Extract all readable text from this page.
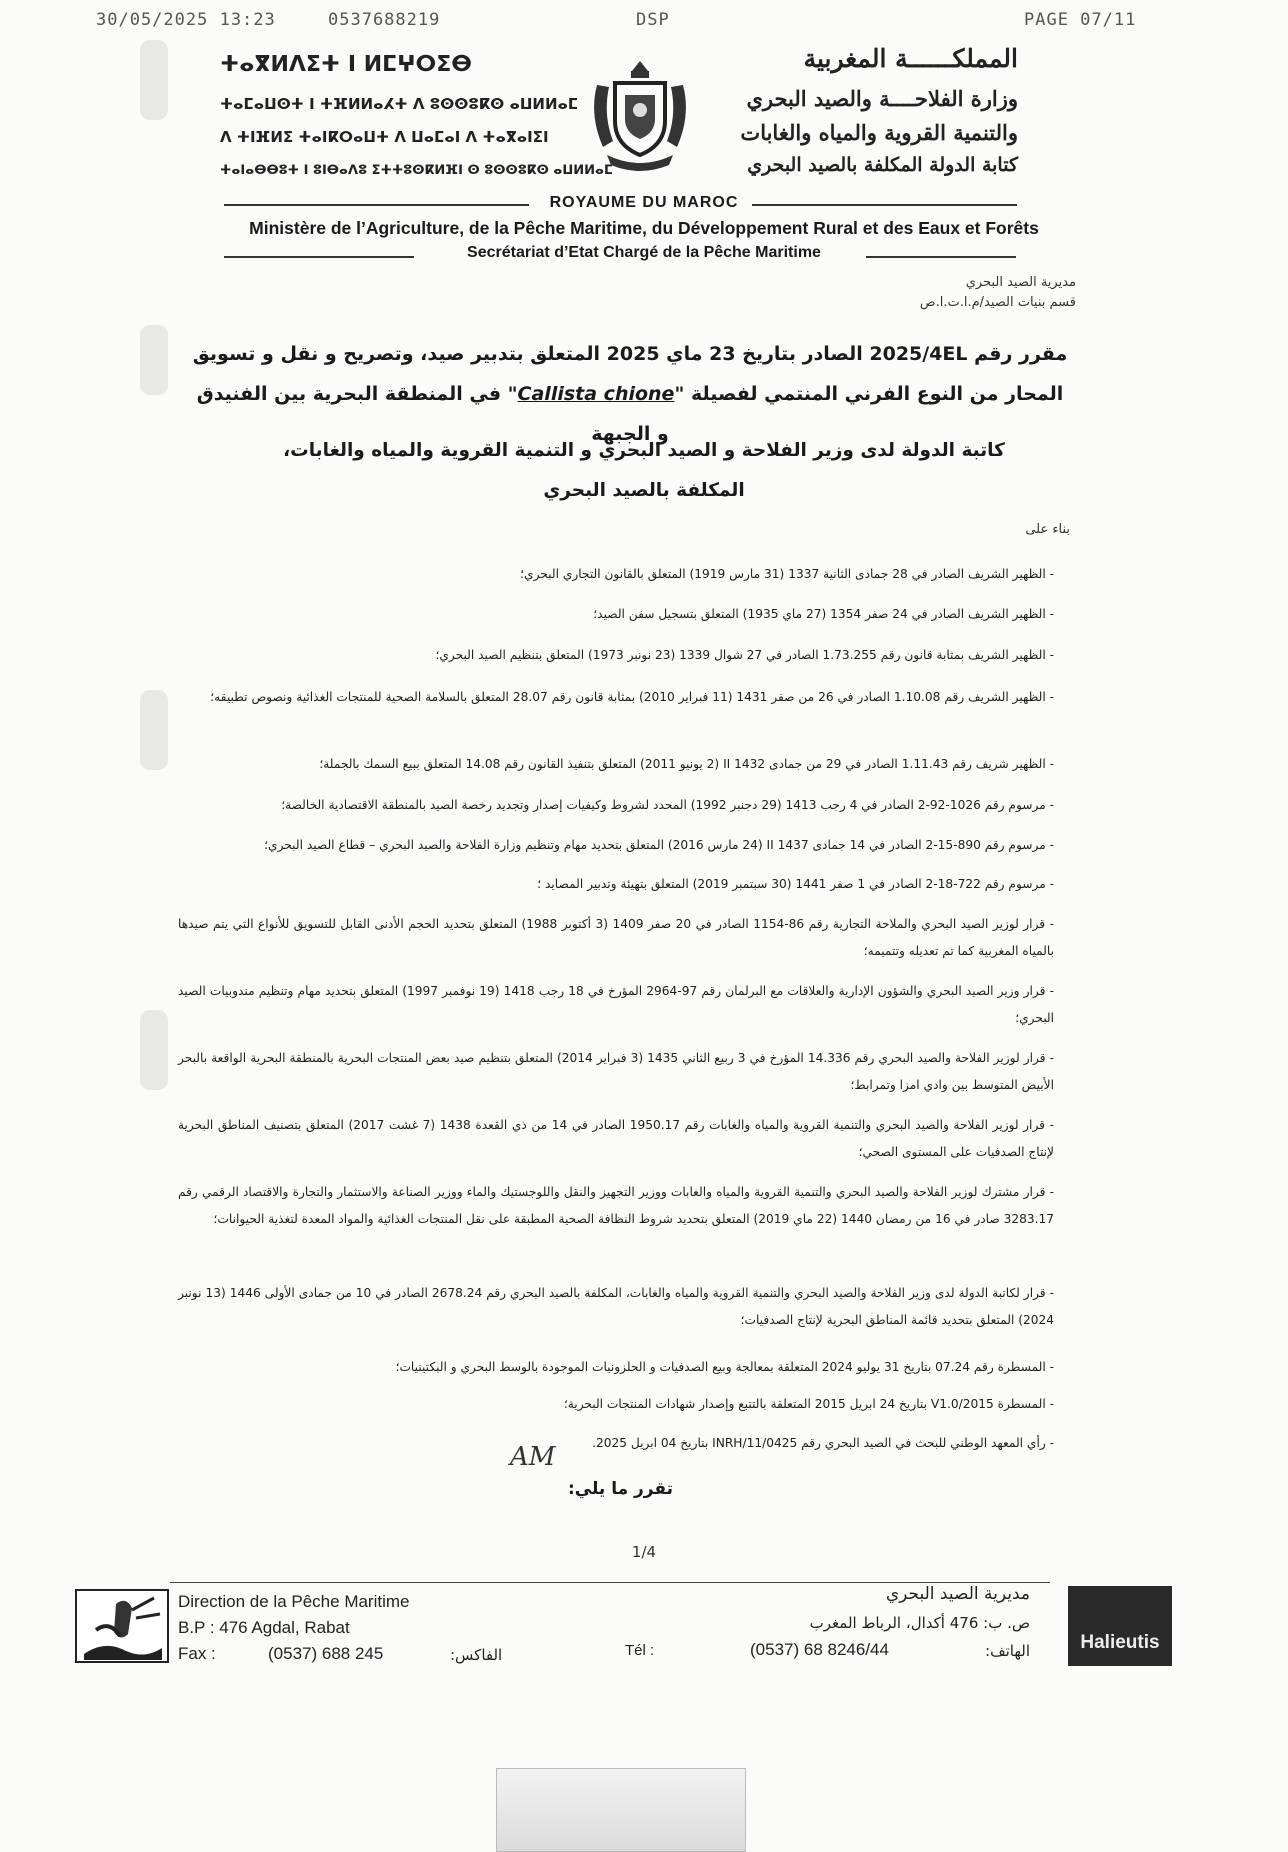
30/05/2025 13:23	0537688219	DSP	PAGE 07/11
ⵜⴰⴳⵍⴷⵉⵜ ⵏ ⵍⵎⵖⵔⵉⴱ
ⵜⴰⵎⴰⵡⵙⵜ ⵏ ⵜⴼⵍⵍⴰⵃⵜ ⴷ ⵓⵙⵙⵓⴽⵙ ⴰⵡⵍⵍⴰⵎ
ⴷ ⵜⵏⴼⵍⵉ ⵜⴰⵏⴽⵔⴰⵡⵜ ⴷ ⵡⴰⵎⴰⵏ ⴷ ⵜⴰⴳⴰⵏⵉⵏ
ⵜⴰⵏⴰⴱⴱⵓⵜ ⵏ ⵓⵏⴱⴰⴷⵓ ⵉⵜⵜⵓⵙⴽⵍⴼⵏ ⵙ ⵓⵙⵙⵓⴽⵙ ⴰⵡⵍⵍⴰⵎ
المملكــــــة المغربية
وزارة الفلاحــــة والصيد البحري
والتنمية القروية والمياه والغابات
كتابة الدولة المكلفة بالصيد البحري
ROYAUME DU MAROC
Ministère de l’Agriculture, de la Pêche Maritime, du Développement Rural et des Eaux et Forêts
Secrétariat d’Etat Chargé de la Pêche Maritime
مديرية الصيد البحري
قسم بنيات الصيد/م.ا.ت.ا.ص
مقرر رقم 2025/4EL الصادر بتاريخ 23 ماي 2025 المتعلق بتدبير صيد، وتصريح و نقل و تسويق المحار من النوع الفرني المنتمي لفصيلة "Callista chione" في المنطقة البحرية بين الفنيدق و الجبهة
كاتبة الدولة لدى وزير الفلاحة و الصيد البحري و التنمية القروية والمياه والغابات،
المكلفة بالصيد البحري
بناء على
- الظهير الشريف الصادر في 28 جمادى الثانية 1337 (31 مارس 1919) المتعلق بالقانون التجاري البحري؛
- الظهير الشريف الصادر في 24 صفر 1354 (27 ماي 1935) المتعلق بتسجيل سفن الصيد؛
- الظهير الشريف بمثابة قانون رقم 1.73.255 الصادر في 27 شوال 1339 (23 نونبر 1973) المتعلق بتنظيم الصيد البحري؛
- الظهير الشريف رقم 1.10.08 الصادر في 26 من صفر 1431 (11 فبراير 2010) بمثابة قانون رقم 28.07 المتعلق بالسلامة الصحية للمنتجات الغذائية ونصوص تطبيقه؛
- الظهير شريف رقم 1.11.43 الصادر في 29 من جمادى II 1432 (2 يونيو 2011) المتعلق بتنفيذ القانون رقم 14.08 المتعلق ببيع السمك بالجملة؛
- مرسوم رقم 1026-92-2 الصادر في 4 رجب 1413 (29 دجنبر 1992) المحدد لشروط وكيفيات إصدار وتجديد رخصة الصيد بالمنطقة الاقتصادية الخالصة؛
- مرسوم رقم 890-15-2 الصادر في 14 جمادى II 1437 (24 مارس 2016) المتعلق بتحديد مهام وتنظيم وزارة الفلاحة والصيد البحري – قطاع الصيد البحري؛
- مرسوم رقم 722-18-2 الصادر في 1 صفر 1441 (30 سبتمبر 2019) المتعلق بتهيئة وتدبير المصايد ؛
- قرار لوزير الصيد البحري والملاحة التجارية رقم 86-1154 الصادر في 20 صفر 1409 (3 أكتوبر 1988) المتعلق بتحديد الحجم الأدنى القابل للتسويق للأنواع التي يتم صيدها بالمياه المغربية كما تم تعديله وتتميمه؛
- قرار وزير الصيد البحري والشؤون الإدارية والعلاقات مع البرلمان رقم 97-2964 المؤرخ في 18 رجب 1418 (19 نوفمبر 1997) المتعلق بتحديد مهام وتنظيم مندوبيات الصيد البحري؛
- قرار لوزير الفلاحة والصيد البحري رقم 14.336 المؤرخ في 3 ربيع الثاني 1435 (3 فبراير 2014) المتعلق بتنظيم صيد بعض المنتجات البحرية بالمنطقة البحرية الواقعة بالبحر الأبيض المتوسط بين وادي امزا وتمرابط؛
- قرار لوزير الفلاحة والصيد البحري والتنمية القروية والمياه والغابات رقم 1950.17 الصادر في 14 من ذي القعدة 1438 (7 غشت 2017) المتعلق بتصنيف المناطق البحرية لإنتاج الصدفيات على المستوى الصحي؛
- قرار مشترك لوزير الفلاحة والصيد البحري والتنمية القروية والمياه والغابات ووزير التجهيز والنقل واللوجستيك والماء ووزير الصناعة والاستثمار والتجارة والاقتصاد الرقمي رقم 3283.17 صادر في 16 من رمضان 1440 (22 ماي 2019) المتعلق بتحديد شروط النظافة الصحية المطبقة على نقل المنتجات الغذائية والمواد المعدة لتغذية الحيوانات؛
- قرار لكاتبة الدولة لدى وزير الفلاحة والصيد البحري والتنمية القروية والمياه والغابات، المكلفة بالصيد البحري رقم 2678.24 الصادر في 10 من جمادى الأولى 1446 (13 نونبر 2024) المتعلق بتحديد قائمة المناطق البحرية لإنتاج الصدفيات؛
- المسطرة رقم 07.24 بتاريخ 31 يوليو 2024 المتعلقة بمعالجة وبيع الصدفيات و الحلزونيات الموجودة بالوسط البحري و البكتينيات؛
- المسطرة V1.0/2015 بتاريخ 24 ابريل 2015 المتعلقة بالتتبع وإصدار شهادات المنتجات البحرية؛
- رأي المعهد الوطني للبحث في الصيد البحري رقم 11/0425/INRH بتاريخ 04 ابريل 2025.
AM
تقرر ما يلي:
1/4
Direction de la Pêche Maritime
B.P : 476 Agdal, Rabat
Fax :	(0537) 688 245	الفاكس:	Tél :	(0537) 68 8246/44	الهاتف:
مديرية الصيد البحري
ص. ب: 476 أكدال، الرباط المغرب
Halieutis
